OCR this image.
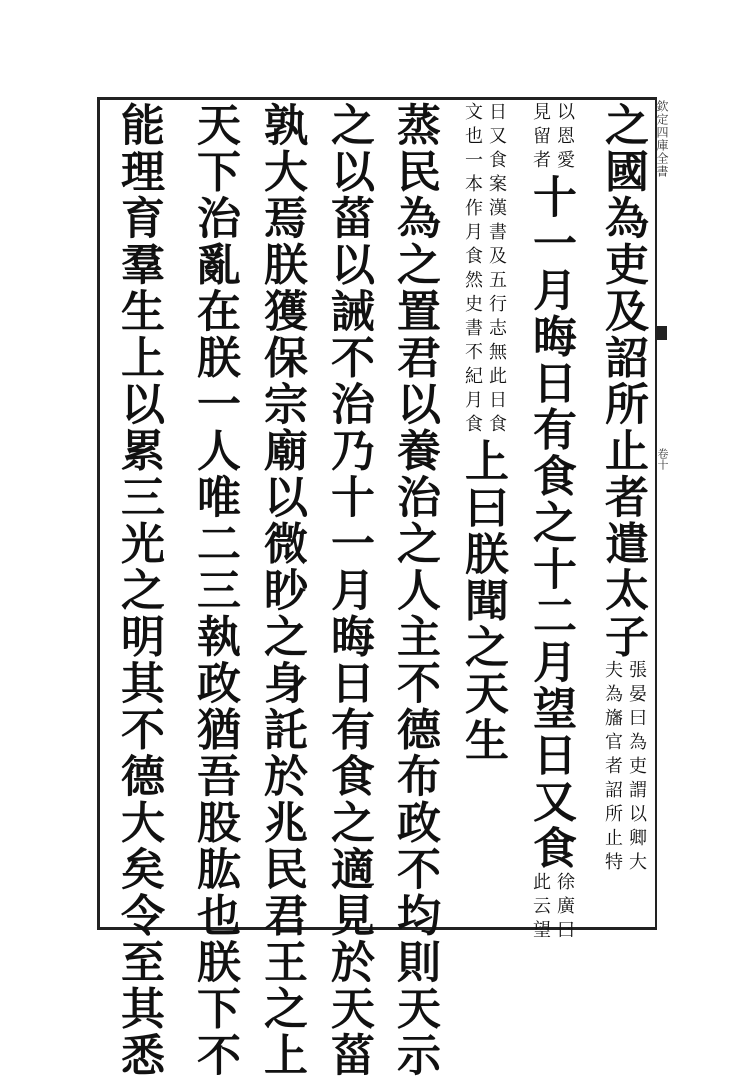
欽定四庫全書
卷十
之國為吏及詔所止者遣太子
張晏曰為吏謂以卿大
夫為旛官者詔所止特
以恩愛
見留者
十一月晦日有食之十二月望日又食
徐廣曰
此云望
日又食案漢書及五行志無此日食
文也一本作月食然史書不紀月食
上曰朕聞之天生
蒸民為之置君以養治之人主不德布政不均則天示
之以菑以誡不治乃十一月晦日有食之適見於天菑
孰大焉朕獲保宗廟以微眇之身託於兆民君王之上
天下治亂在朕一人唯二三執政猶吾股肱也朕下不
能理育羣生上以累三光之明其不德大矣令至其悉
